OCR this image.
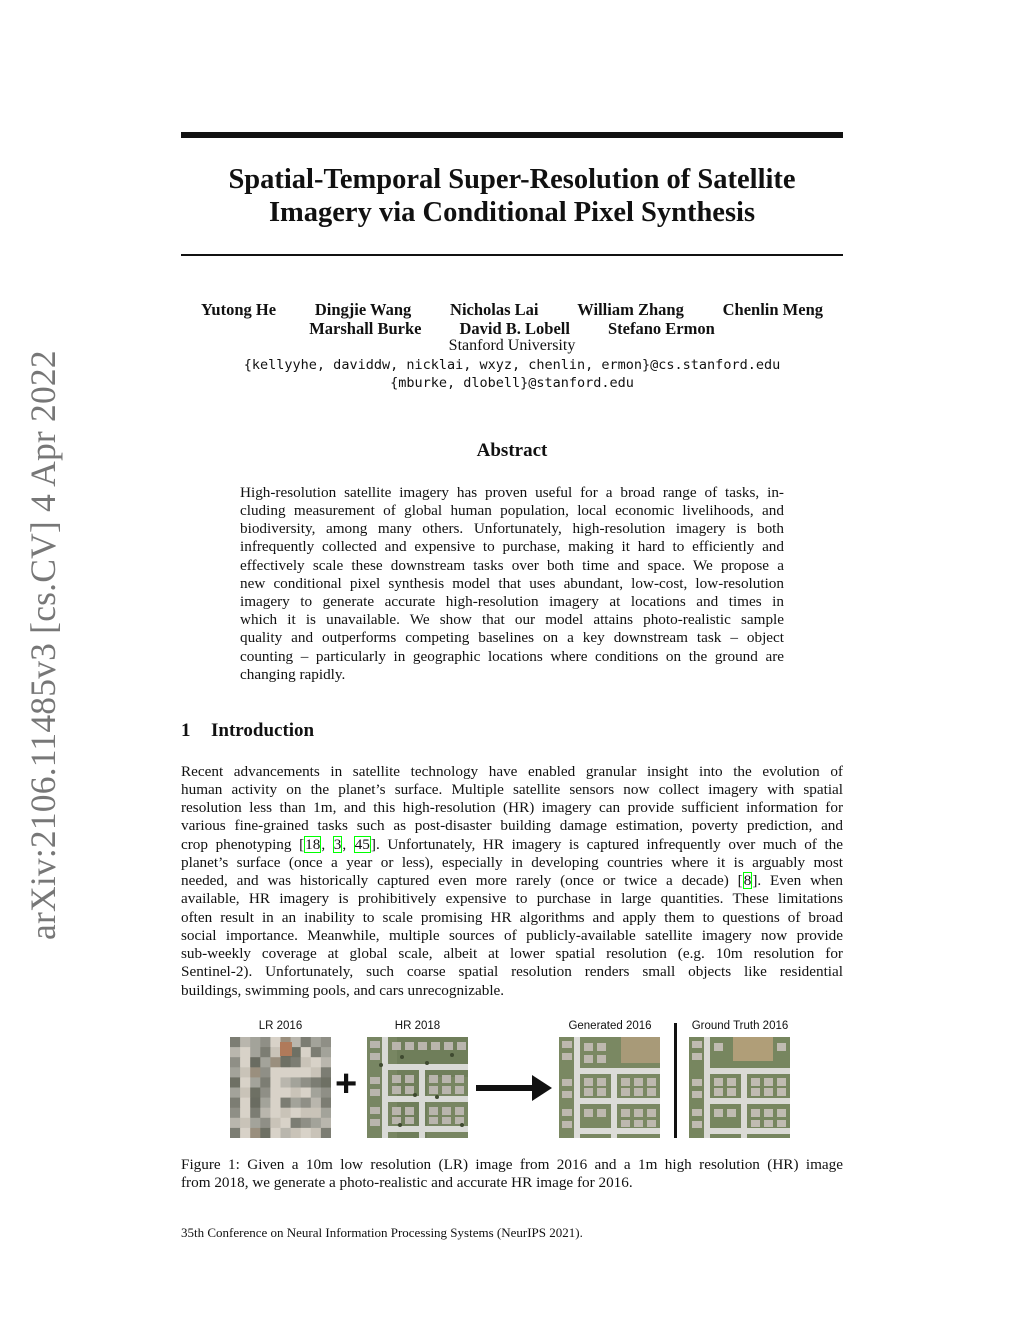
arXiv:2106.11485v3 [cs.CV] 4 Apr 2022
Spatial-Temporal Super-Resolution of Satellite
Imagery via Conditional Pixel Synthesis
Yutong He Dingjie Wang Nicholas Lai William Zhang Chenlin Meng
Marshall Burke David B. Lobell Stefano Ermon
Stanford University
{kellyyhe, daviddw, nicklai, wxyz, chenlin, ermon}@cs.stanford.edu
{mburke, dlobell}@stanford.edu
Abstract
High-resolution satellite imagery has proven useful for a broad range of tasks, in-
cluding measurement of global human population, local economic livelihoods, and
biodiversity, among many others. Unfortunately, high-resolution imagery is both
infrequently collected and expensive to purchase, making it hard to efficiently and
effectively scale these downstream tasks over both time and space. We propose a
new conditional pixel synthesis model that uses abundant, low-cost, low-resolution
imagery to generate accurate high-resolution imagery at locations and times in
which it is unavailable. We show that our model attains photo-realistic sample
quality and outperforms competing baselines on a key downstream task – object
counting – particularly in geographic locations where conditions on the ground are
changing rapidly.
1 Introduction
Recent advancements in satellite technology have enabled granular insight into the evolution of
human activity on the planet’s surface. Multiple satellite sensors now collect imagery with spatial
resolution less than 1m, and this high-resolution (HR) imagery can provide sufficient information for
various fine-grained tasks such as post-disaster building damage estimation, poverty prediction, and
crop phenotyping [18, 3, 45]. Unfortunately, HR imagery is captured infrequently over much of the
planet’s surface (once a year or less), especially in developing countries where it is arguably most
needed, and was historically captured even more rarely (once or twice a decade) [8]. Even when
available, HR imagery is prohibitively expensive to purchase in large quantities. These limitations
often result in an inability to scale promising HR algorithms and apply them to questions of broad
social importance. Meanwhile, multiple sources of publicly-available satellite imagery now provide
sub-weekly coverage at global scale, albeit at lower spatial resolution (e.g. 10m resolution for
Sentinel-2). Unfortunately, such coarse spatial resolution renders small objects like residential
buildings, swimming pools, and cars unrecognizable.
LR 2016	HR 2018	Generated 2016	Ground Truth 2016
+
Figure 1: Given a 10m low resolution (LR) image from 2016 and a 1m high resolution (HR) image
from 2018, we generate a photo-realistic and accurate HR image for 2016.
35th Conference on Neural Information Processing Systems (NeurIPS 2021).
